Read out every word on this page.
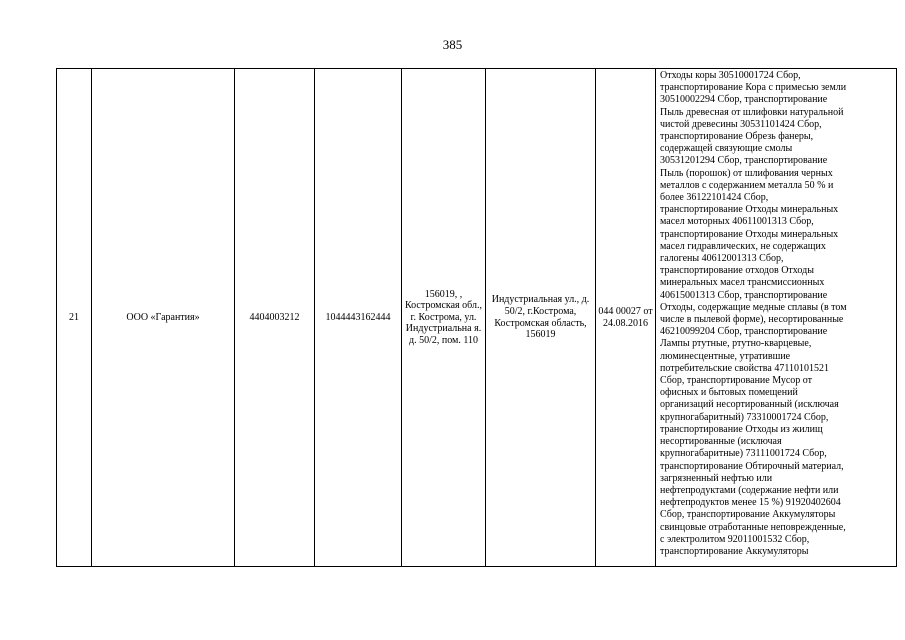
385
21	ООО «Гарантия»	4404003212	1044443162444	156019, , Костромская обл., г. Кострома, ул. Индустриальна я. д. 50/2, пом. 110	Индустриальная ул., д. 50/2, г.Кострома, Костромская область, 156019	044 00027 от 24.08.2016	
Отходы коры 30510001724 Сбор,
транспортирование Кора с примесью земли
30510002294 Сбор, транспортирование
Пыль древесная от шлифовки натуральной
чистой древесины 30531101424 Сбор,
транспортирование Обрезь фанеры,
содержащей связующие смолы
30531201294 Сбор, транспортирование
Пыль (порошок) от шлифования черных
металлов с содержанием металла 50 % и
более 36122101424 Сбор,
транспортирование Отходы минеральных
масел моторных 40611001313 Сбор,
транспортирование Отходы минеральных
масел гидравлических, не содержащих
галогены 40612001313 Сбор,
транспортирование отходов Отходы
минеральных масел трансмиссионных
40615001313 Сбор, транспортирование
Отходы, содержащие медные сплавы (в том
числе в пылевой форме), несортированные
46210099204 Сбор, транспортирование
Лампы ртутные, ртутно-кварцевые,
люминесцентные, утратившие
потребительские свойства 47110101521
Сбор, транспортирование Мусор от
офисных и бытовых помещений
организаций несортированный (исключая
крупногабаритный) 73310001724 Сбор,
транспортирование Отходы из жилищ
несортированные (исключая
крупногабаритные) 73111001724 Сбор,
транспортирование Обтирочный материал,
загрязненный нефтью или
нефтепродуктами (содержание нефти или
нефтепродуктов менее 15 %) 91920402604
Сбор, транспортирование Аккумуляторы
свинцовые отработанные неповрежденные,
с электролитом 92011001532 Сбор,
транспортирование Аккумуляторы
